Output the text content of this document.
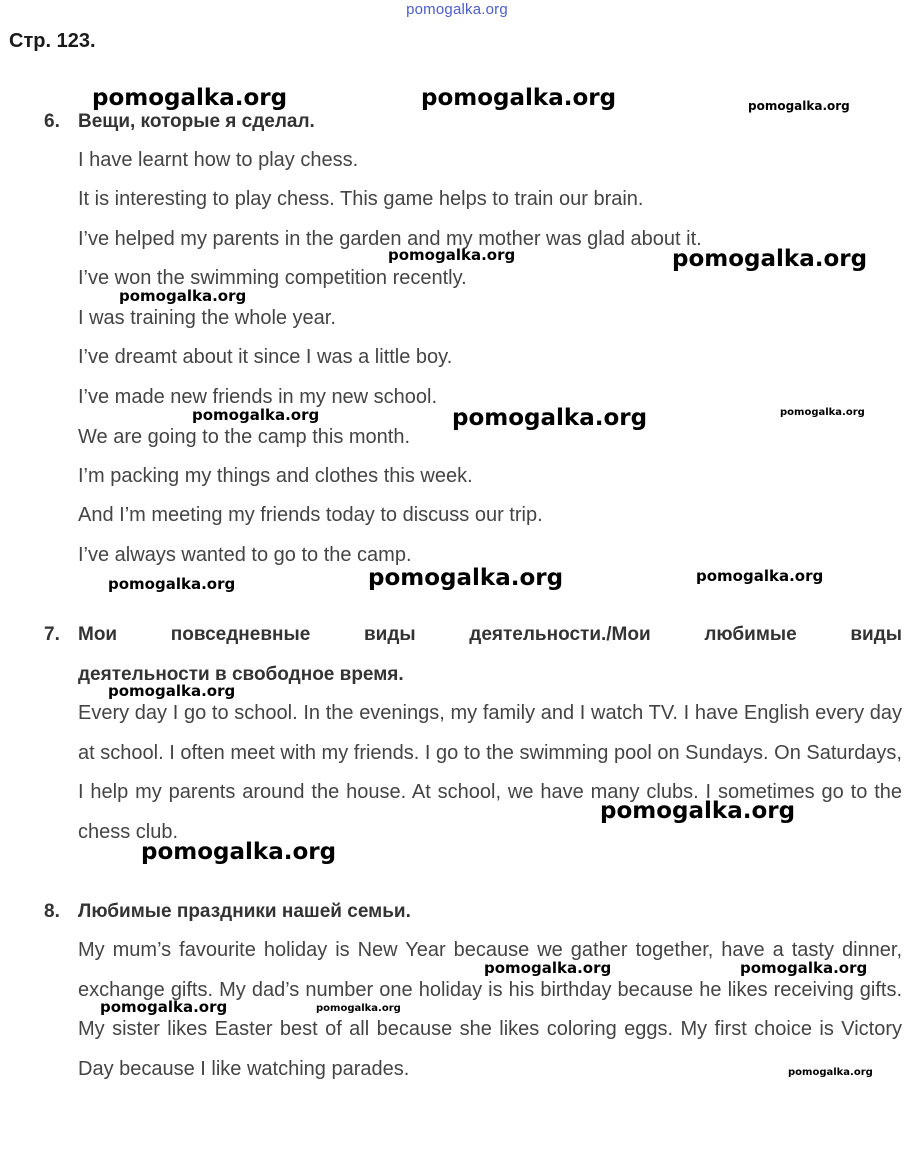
pomogalka.org
Стр. 123.
6. Вещи, которые я сделал.
I have learnt how to play chess.
It is interesting to play chess. This game helps to train our brain.
I’ve helped my parents in the garden and my mother was glad about it.
I’ve won the swimming competition recently.
I was training the whole year.
I’ve dreamt about it since I was a little boy.
I’ve made new friends in my new school.
We are going to the camp this month.
I’m packing my things and clothes this week.
And I’m meeting my friends today to discuss our trip.
I’ve always wanted to go to the camp.
7. Мои повседневные виды деятельности./Мои любимые виды
деятельности в свободное время.
Every day I go to school. In the evenings, my family and I watch TV. I have English every day at school. I often meet with my friends. I go to the swimming pool on Sundays. On Saturdays, I help my parents around the house. At school, we have many clubs. I sometimes go to the chess club.
8. Любимые праздники нашей семьи.
My mum’s favourite holiday is New Year because we gather together, have a tasty dinner, exchange gifts. My dad’s number one holiday is his birthday because he likes receiving gifts. My sister likes Easter best of all because she likes coloring eggs. My first choice is Victory Day because I like watching parades.
pomogalka.org	pomogalka.org	pomogalka.org
pomogalka.org	pomogalka.org
pomogalka.org
pomogalka.org	pomogalka.org	pomogalka.org
pomogalka.org	pomogalka.org	pomogalka.org
pomogalka.org
pomogalka.org
pomogalka.org
pomogalka.org	pomogalka.org
pomogalka.org	pomogalka.org
pomogalka.org
